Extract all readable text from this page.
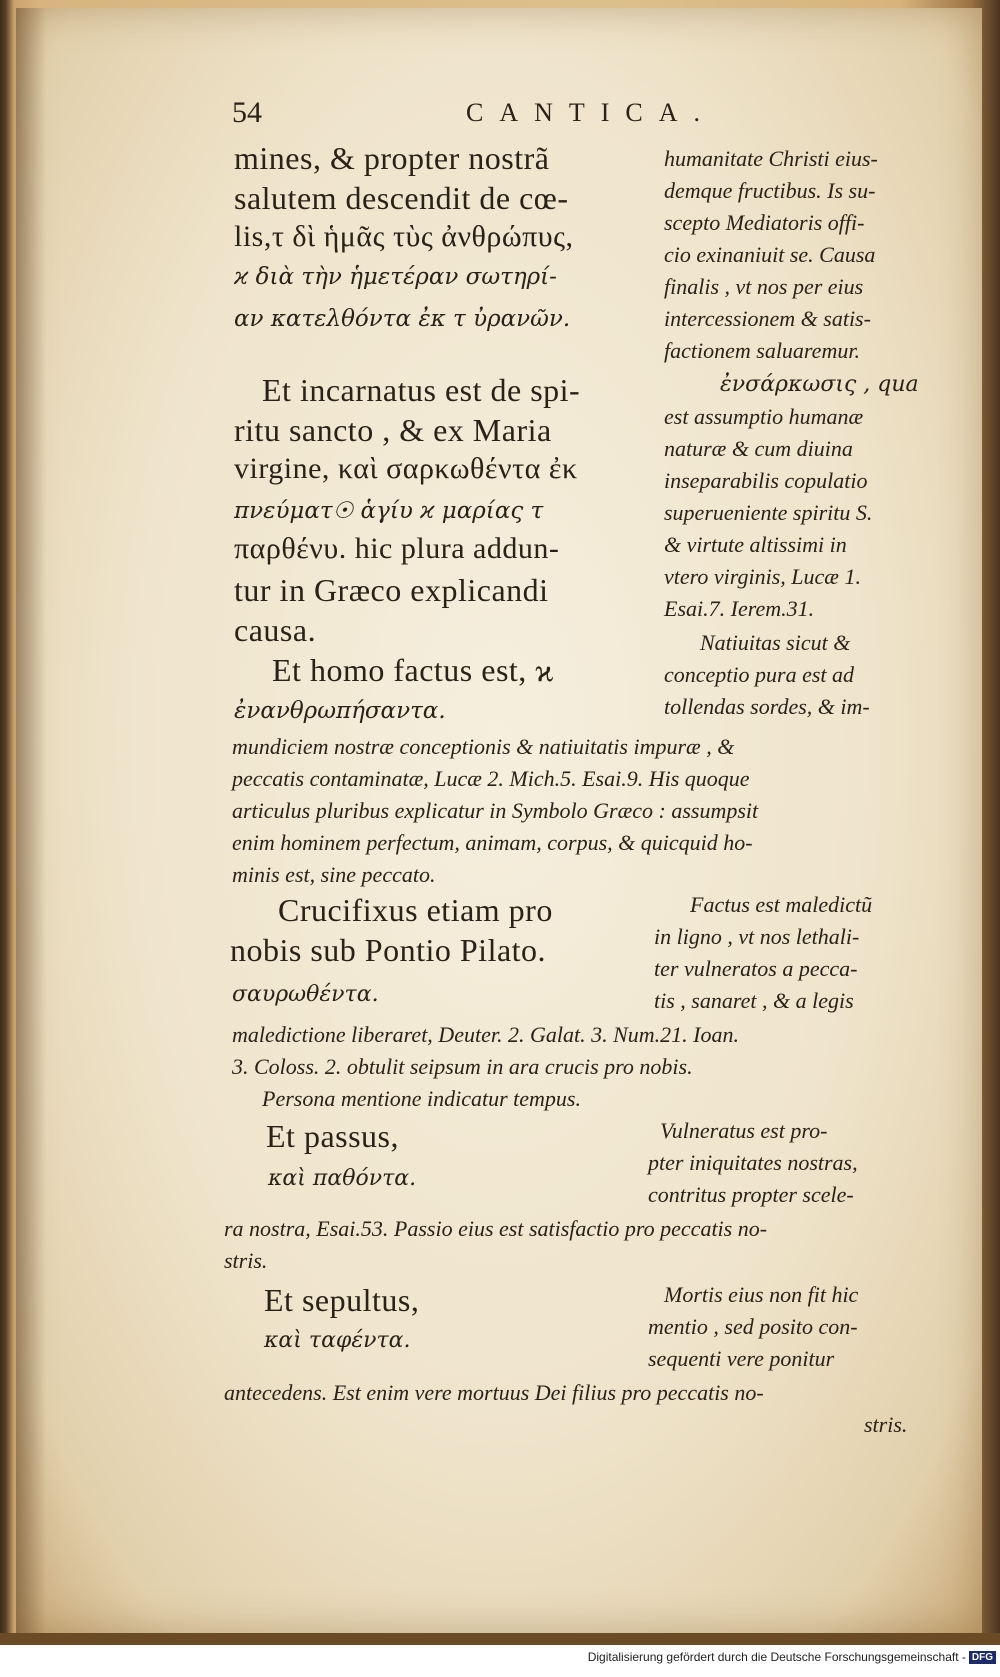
54	CANTICA.
mines, & propter nostrã
salutem descendit de cœ-
lis,τ δὶ ἡμᾶς τὺς ἀνθρώπυς,
ϰ διὰ τὴν ἡμετέραν σωτηρί-
αν κατελθόντα ἐκ τ ὐρανῶν.
Et incarnatus est de spi-
ritu sancto , & ex Maria
virgine, καὶ σαρκωθέντα ἐκ
πνεύματ☉ ἁγίυ ϰ μαρίας τ
παρθένυ. hic plura addun-
tur in Græco explicandi
causa.
Et homo factus est, ϰ
ἐνανθρωπήσαντα.
Crucifixus etiam pro
nobis sub Pontio Pilato.
σαυρωθέντα.
Et passus,
καὶ παθόντα.
Et sepultus,
καὶ ταφέντα.
humanitate Christi eius-
demque fructibus. Is su-
scepto Mediatoris offi-
cio exinaniuit se. Causa
finalis , vt nos per eius
intercessionem & satis-
factionem saluaremur.
ἐνσάρκωσις , qua
est assumptio humanæ
naturæ & cum diuina
inseparabilis copulatio
superueniente spiritu S.
& virtute altissimi in
vtero virginis, Lucæ 1.
Esai.7. Ierem.31.
Natiuitas sicut &
conceptio pura est ad
tollendas sordes, & im-
Factus est maledictũ
in ligno , vt nos lethali-
ter vulneratos a pecca-
tis , sanaret , & a legis
Vulneratus est pro-
pter iniquitates nostras,
contritus propter scele-
Mortis eius non fit hic
mentio , sed posito con-
sequenti vere ponitur
mundiciem nostræ conceptionis & natiuitatis impuræ , &
peccatis contaminatæ, Lucæ 2. Mich.5. Esai.9. His quoque
articulus pluribus explicatur in Symbolo Græco : assumpsit
enim hominem perfectum, animam, corpus, & quicquid ho-
minis est, sine peccato.
maledictione liberaret, Deuter. 2. Galat. 3. Num.21. Ioan.
3. Coloss. 2. obtulit seipsum in ara crucis pro nobis.
Persona mentione indicatur tempus.
ra nostra, Esai.53. Passio eius est satisfactio pro peccatis no-
stris.
antecedens. Est enim vere mortuus Dei filius pro peccatis no-
stris.
Digitalisierung gefördert durch die Deutsche Forschungsgemeinschaft - DFG
